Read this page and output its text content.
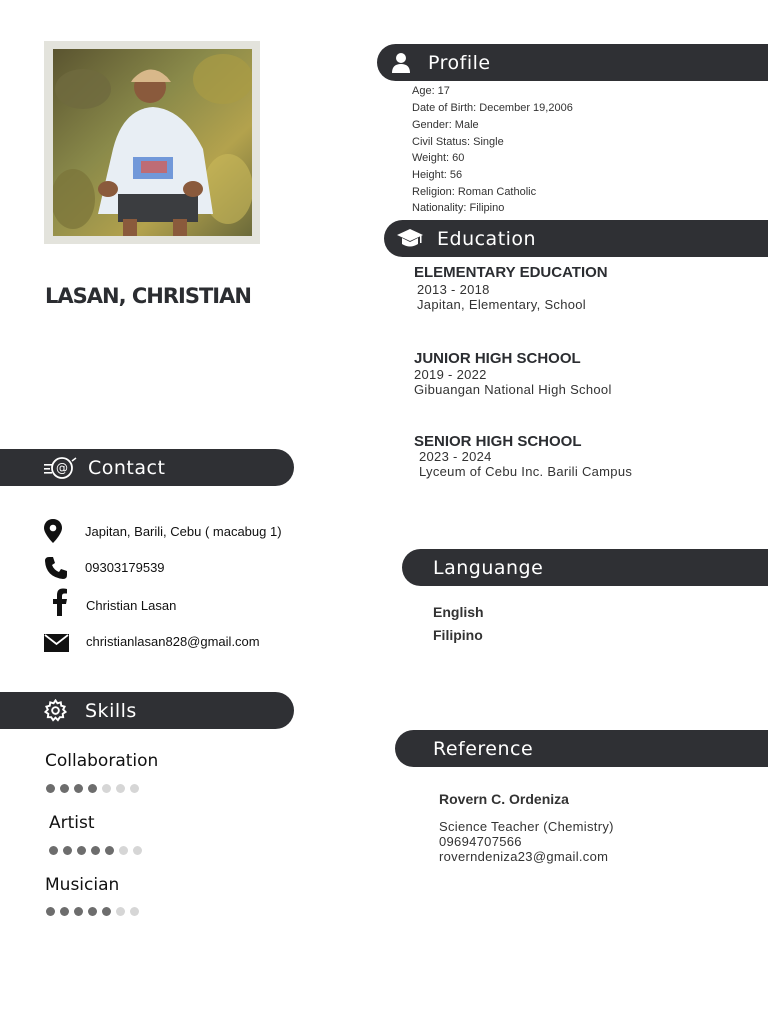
LASAN, CHRISTIAN
Profile
Age: 17
Date of Birth: December 19,2006
Gender: Male
Civil Status: Single
Weight: 60
Height: 56
Religion: Roman Catholic
Nationality: Filipino
Education
ELEMENTARY EDUCATION
2013 - 2018
Japitan, Elementary, School
JUNIOR HIGH SCHOOL
2019 - 2022
Gibuangan National High School
SENIOR HIGH SCHOOL
2023 - 2024
Lyceum of Cebu Inc. Barili Campus
@ Contact
Japitan, Barili, Cebu ( macabug 1)
09303179539
Christian Lasan
christianlasan828@gmail.com
Skills
Collaboration
Artist
Musician
Languange
English
Filipino
Reference
Rovern C. Ordeniza
Science Teacher (Chemistry)
09694707566
roverndeniza23@gmail.com
